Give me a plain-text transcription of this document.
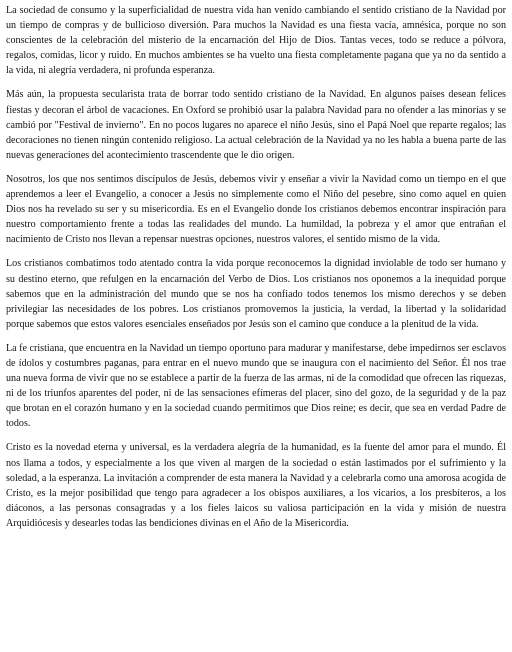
La sociedad de consumo y la superficialidad de nuestra vida han venido cambiando el sentido cristiano de la Navidad por un tiempo de compras y de bullicioso diversión. Para muchos la Navidad es una fiesta vacía, amnésica, porque no son conscientes de la celebración del misterio de la encarnación del Hijo de Dios. Tantas veces, todo se reduce a pólvora, regalos, comidas, licor y ruido. En muchos ambientes se ha vuelto una fiesta completamente pagana que ya no da sentido a la vida, ni alegría verdadera, ni profunda esperanza.

Más aún, la propuesta secularista trata de borrar todo sentido cristiano de la Navidad. En algunos países desean felices fiestas y decoran el árbol de vacaciones. En Oxford se prohibió usar la palabra Navidad para no ofender a las minorías y se cambió por "Festival de invierno". En no pocos lugares no aparece el niño Jesús, sino el Papá Noel que reparte regalos; las decoraciones no tienen ningún contenido religioso. La actual celebración de la Navidad ya no les habla a buena parte de las nuevas generaciones del acontecimiento trascendente que le dio origen.

Nosotros, los que nos sentimos discípulos de Jesús, debemos vivir y enseñar a vivir la Navidad como un tiempo en el que aprendemos a leer el Evangelio, a conocer a Jesús no simplemente como el Niño del pesebre, sino como aquel en quien Dios nos ha revelado su ser y su misericordia. Es en el Evangelio donde los cristianos debemos encontrar inspiración para nuestro comportamiento frente a todas las realidades del mundo. La humildad, la pobreza y el amor que entrañan el nacimiento de Cristo nos llevan a repensar nuestras opciones, nuestros valores, el sentido mismo de la vida.

Los cristianos combatimos todo atentado contra la vida porque reconocemos la dignidad inviolable de todo ser humano y su destino eterno, que refulgen en la encarnación del Verbo de Dios. Los cristianos nos oponemos a la inequidad porque sabemos que en la administración del mundo que se nos ha confiado todos tenemos los mismo derechos y se deben privilegiar las necesidades de los pobres. Los cristianos promovemos la justicia, la verdad, la libertad y la solidaridad porque sabemos que estos valores esenciales enseñados por Jesús son el camino que conduce a la plenitud de la vida.

La fe cristiana, que encuentra en la Navidad un tiempo oportuno para madurar y manifestarse, debe impedirnos ser esclavos de ídolos y costumbres paganas, para entrar en el nuevo mundo que se inaugura con el nacimiento del Señor. Él nos trae una nueva forma de vivir que no se establece a partir de la fuerza de las armas, ni de la comodidad que ofrecen las riquezas, ni de los triunfos aparentes del poder, ni de las sensaciones efímeras del placer, sino del gozo, de la seguridad y de la paz que brotan en el corazón humano y en la sociedad cuando permitimos que Dios reine; es decir, que sea en verdad Padre de todos.

Cristo es la novedad eterna y universal, es la verdadera alegría de la humanidad, es la fuente del amor para el mundo. Él nos llama a todos, y especialmente a los que viven al margen de la sociedad o están lastimados por el sufrimiento y la soledad, a la esperanza. La invitación a comprender de esta manera la Navidad y a celebrarla como una amorosa acogida de Cristo, es la mejor posibilidad que tengo para agradecer a los obispos auxiliares, a los vicarios, a los presbíteros, a los diáconos, a las personas consagradas y a los fieles laicos su valiosa participación en la vida y misión de nuestra Arquidiócesis y desearles todas las bendiciones divinas en el Año de la Misericordia.
